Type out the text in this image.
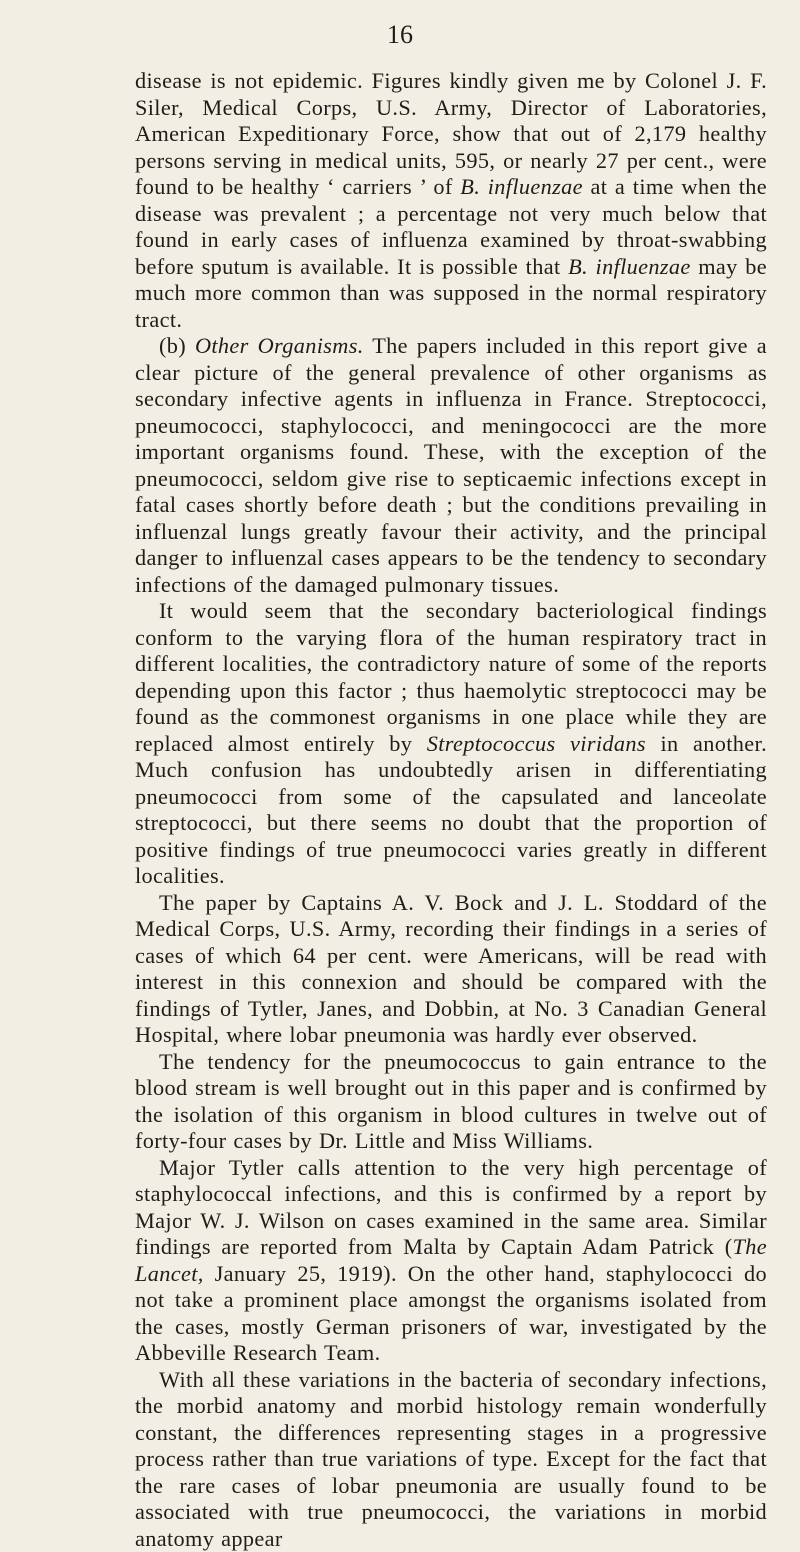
16

disease is not epidemic. Figures kindly given me by Colonel J. F. Siler, Medical Corps, U.S. Army, Director of Laboratories, American Expeditionary Force, show that out of 2,179 healthy persons serving in medical units, 595, or nearly 27 per cent., were found to be healthy ‘ carriers ’ of B. influenzae at a time when the disease was prevalent ; a percentage not very much below that found in early cases of influenza examined by throat-swabbing before sputum is available. It is possible that B. influenzae may be much more common than was supposed in the normal respiratory tract.

(b) Other Organisms. The papers included in this report give a clear picture of the general prevalence of other organisms as secondary infective agents in influenza in France. Streptococci, pneumococci, staphylococci, and meningococci are the more important organisms found. These, with the exception of the pneumococci, seldom give rise to septicaemic infections except in fatal cases shortly before death ; but the conditions prevailing in influenzal lungs greatly favour their activity, and the principal danger to influenzal cases appears to be the tendency to secondary infections of the damaged pulmonary tissues.

It would seem that the secondary bacteriological findings conform to the varying flora of the human respiratory tract in different localities, the contradictory nature of some of the reports depending upon this factor ; thus haemolytic streptococci may be found as the commonest organisms in one place while they are replaced almost entirely by Streptococcus viridans in another. Much confusion has undoubtedly arisen in differentiating pneumococci from some of the capsulated and lanceolate streptococci, but there seems no doubt that the proportion of positive findings of true pneumococci varies greatly in different localities.

The paper by Captains A. V. Bock and J. L. Stoddard of the Medical Corps, U.S. Army, recording their findings in a series of cases of which 64 per cent. were Americans, will be read with interest in this connexion and should be compared with the findings of Tytler, Janes, and Dobbin, at No. 3 Canadian General Hospital, where lobar pneumonia was hardly ever observed.

The tendency for the pneumococcus to gain entrance to the blood stream is well brought out in this paper and is confirmed by the isolation of this organism in blood cultures in twelve out of forty-four cases by Dr. Little and Miss Williams.

Major Tytler calls attention to the very high percentage of staphylococcal infections, and this is confirmed by a report by Major W. J. Wilson on cases examined in the same area. Similar findings are reported from Malta by Captain Adam Patrick (The Lancet, January 25, 1919). On the other hand, staphylococci do not take a prominent place amongst the organisms isolated from the cases, mostly German prisoners of war, investigated by the Abbeville Research Team.

With all these variations in the bacteria of secondary infections, the morbid anatomy and morbid histology remain wonderfully constant, the differences representing stages in a progressive process rather than true variations of type. Except for the fact that the rare cases of lobar pneumonia are usually found to be associated with true pneumococci, the variations in morbid anatomy appear
